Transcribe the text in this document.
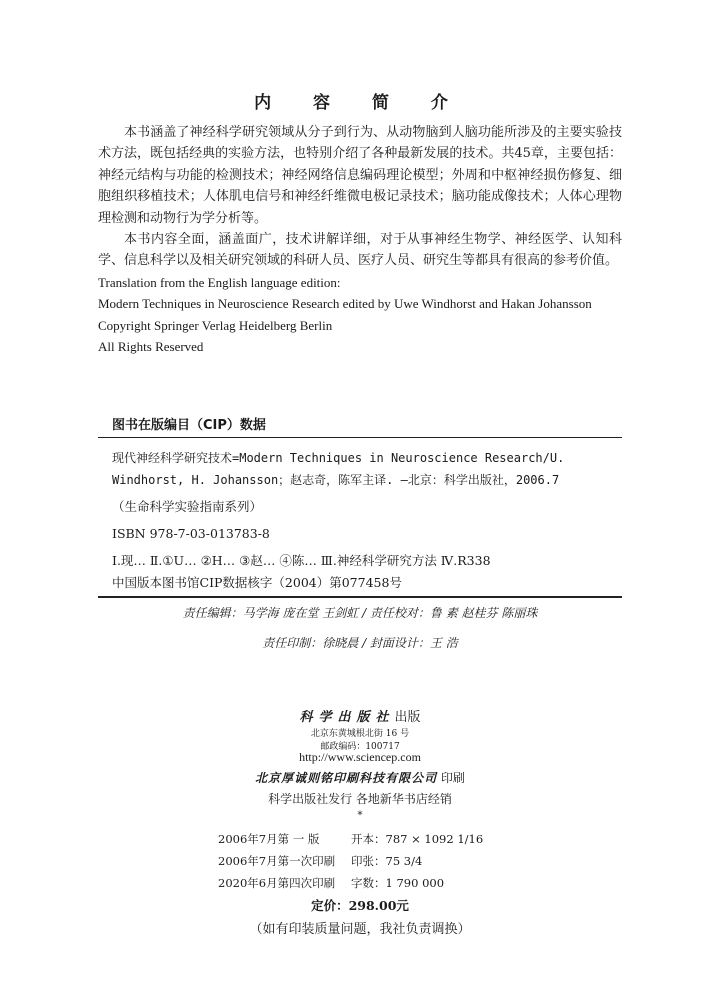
内 容 简 介

本书涵盖了神经科学研究领域从分子到行为、从动物脑到人脑功能所涉及的主要实验技术方法，既包括经典的实验方法，也特别介绍了各种最新发展的技术。共45章，主要包括：神经元结构与功能的检测技术；神经网络信息编码理论模型；外周和中枢神经损伤修复、细胞组织移植技术；人体肌电信号和神经纤维微电极记录技术；脑功能成像技术；人体心理物理检测和动物行为学分析等。

本书内容全面，涵盖面广，技术讲解详细，对于从事神经生物学、神经医学、认知科学、信息科学以及相关研究领域的科研人员、医疗人员、研究生等都具有很高的参考价值。

Translation from the English language edition:

Modern Techniques in Neuroscience Research edited by Uwe Windhorst and Hakan Johansson

Copyright Springer Verlag Heidelberg Berlin

All Rights Reserved

图书在版编目（CIP）数据

现代神经科学研究技术=Modern Techniques in Neuroscience Research/U. Windhorst, H. Johansson；赵志奇，陈军主译. —北京：科学出版社，2006.7

（生命科学实验指南系列）

ISBN 978-7-03-013783-8

Ⅰ.现… Ⅱ.①U… ②H… ③赵… ④陈… Ⅲ.神经科学研究方法 Ⅳ.R338

中国版本图书馆CIP数据核字（2004）第077458号

责任编辑：马学海 庞在堂 王剑虹 / 责任校对：鲁 素 赵桂芬 陈丽珠
责任印制：徐晓晨 / 封面设计：王 浩
科学出版社出版
北京东黄城根北街 16 号
邮政编码：100717
http://www.sciencep.com
北京厚诚则铭印刷科技有限公司 印刷
科学出版社发行 各地新华书店经销
*
2006年7月第 一 版	开本：787 × 1092 1/16
2006年7月第一次印刷	印张：75 3/4
2020年6月第四次印刷	字数：1 790 000
定价：298.00元
（如有印装质量问题，我社负责调换）
